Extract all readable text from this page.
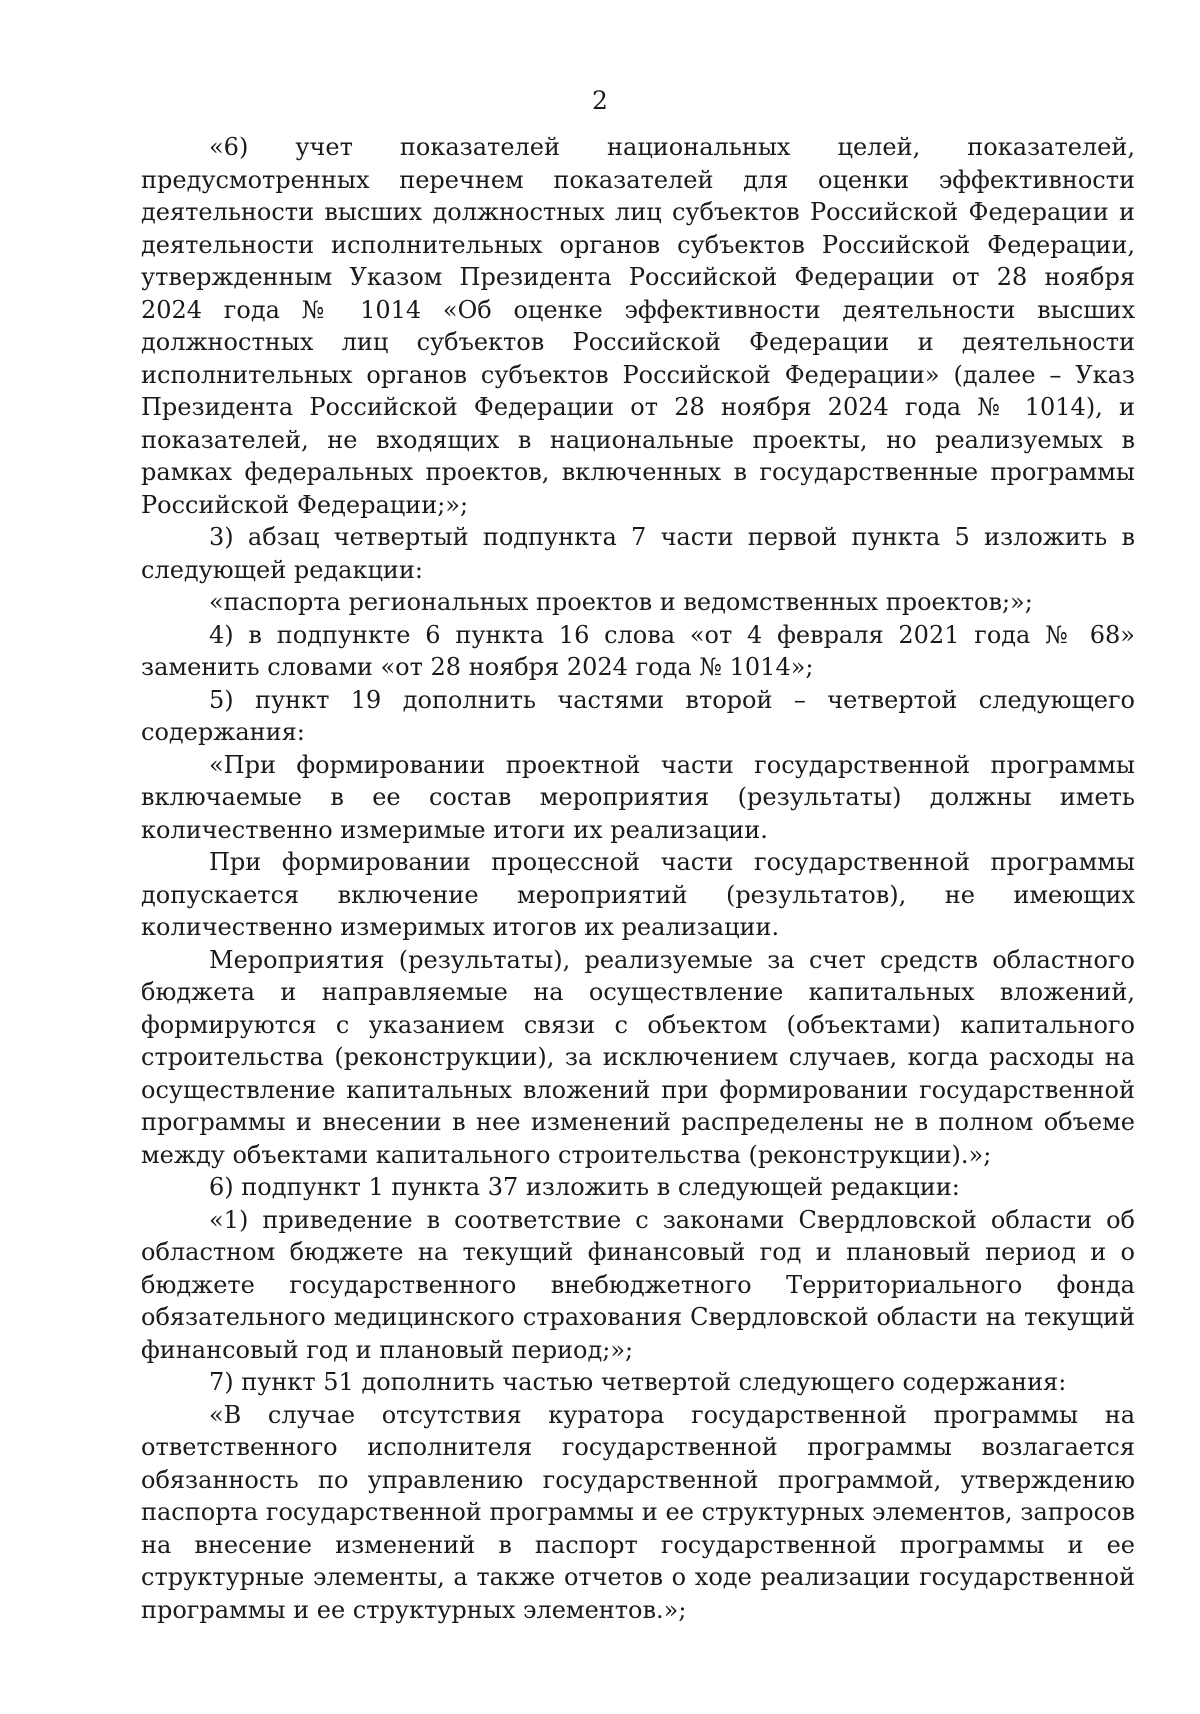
2

«6) учет показателей национальных целей, показателей, предусмотренных перечнем показателей для оценки эффективности деятельности высших должностных лиц субъектов Российской Федерации и деятельности исполнительных органов субъектов Российской Федерации, утвержденным Указом Президента Российской Федерации от 28 ноября 2024 года № 1014 «Об оценке эффективности деятельности высших должностных лиц субъектов Российской Федерации и деятельности исполнительных органов субъектов Российской Федерации» (далее – Указ Президента Российской Федерации от 28 ноября 2024 года № 1014), и показателей, не входящих в национальные проекты, но реализуемых в рамках федеральных проектов, включенных в государственные программы Российской Федерации;»;

3) абзац четвертый подпункта 7 части первой пункта 5 изложить в следующей редакции:

«паспорта региональных проектов и ведомственных проектов;»;

4) в подпункте 6 пункта 16 слова «от 4 февраля 2021 года № 68» заменить словами «от 28 ноября 2024 года № 1014»;

5) пункт 19 дополнить частями второй – четвертой следующего содержания:

«При формировании проектной части государственной программы включаемые в ее состав мероприятия (результаты) должны иметь количественно измеримые итоги их реализации.

При формировании процессной части государственной программы допускается включение мероприятий (результатов), не имеющих количественно измеримых итогов их реализации.

Мероприятия (результаты), реализуемые за счет средств областного бюджета и направляемые на осуществление капитальных вложений, формируются с указанием связи с объектом (объектами) капитального строительства (реконструкции), за исключением случаев, когда расходы на осуществление капитальных вложений при формировании государственной программы и внесении в нее изменений распределены не в полном объеме между объектами капитального строительства (реконструкции).»;

6) подпункт 1 пункта 37 изложить в следующей редакции:

«1) приведение в соответствие с законами Свердловской области об областном бюджете на текущий финансовый год и плановый период и о бюджете государственного внебюджетного Территориального фонда обязательного медицинского страхования Свердловской области на текущий финансовый год и плановый период;»;

7) пункт 51 дополнить частью четвертой следующего содержания:

«В случае отсутствия куратора государственной программы на ответственного исполнителя государственной программы возлагается обязанность по управлению государственной программой, утверждению паспорта государственной программы и ее структурных элементов, запросов на внесение изменений в паспорт государственной программы и ее структурные элементы, а также отчетов о ходе реализации государственной программы и ее структурных элементов.»;
